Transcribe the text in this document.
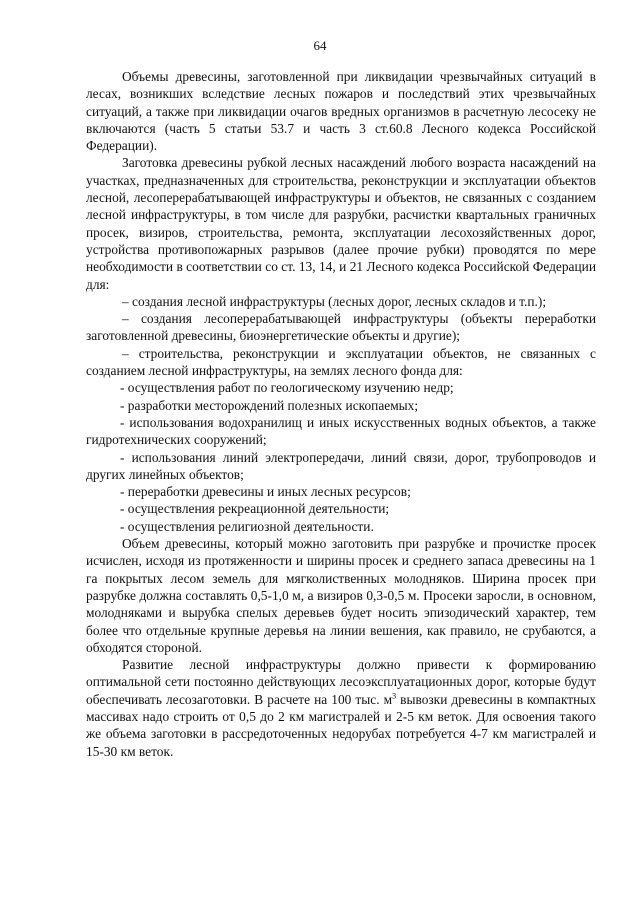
64

Объемы древесины, заготовленной при ликвидации чрезвычайных ситуаций в лесах, возникших вследствие лесных пожаров и последствий этих чрезвычайных ситуаций, а также при ликвидации очагов вредных организмов в расчетную лесосеку не включаются (часть 5 статьи 53.7 и часть 3 ст.60.8 Лесного кодекса Российской Федерации).

Заготовка древесины рубкой лесных насаждений любого возраста насаждений на участках, предназначенных для строительства, реконструкции и эксплуатации объектов лесной, лесоперерабатывающей инфраструктуры и объектов, не связанных с созданием лесной инфраструктуры, в том числе для разрубки, расчистки квартальных граничных просек, визиров, строительства, ремонта, эксплуатации лесохозяйственных дорог, устройства противопожарных разрывов (далее прочие рубки) проводятся по мере необходимости в соответствии со ст. 13, 14, и 21 Лесного кодекса Российской Федерации для:

– создания лесной инфраструктуры (лесных дорог, лесных складов и т.п.);

– создания лесоперерабатывающей инфраструктуры (объекты переработки заготовленной древесины, биоэнергетические объекты и другие);

– строительства, реконструкции и эксплуатации объектов, не связанных с созданием лесной инфраструктуры, на землях лесного фонда для:

- осуществления работ по геологическому изучению недр;

- разработки месторождений полезных ископаемых;

- использования водохранилищ и иных искусственных водных объектов, а также гидротехнических сооружений;

- использования линий электропередачи, линий связи, дорог, трубопроводов и других линейных объектов;

- переработки древесины и иных лесных ресурсов;

- осуществления рекреационной деятельности;

- осуществления религиозной деятельности.

Объем древесины, который можно заготовить при разрубке и прочистке просек исчислен, исходя из протяженности и ширины просек и среднего запаса древесины на 1 га покрытых лесом земель для мягколиственных молодняков. Ширина просек при разрубке должна составлять 0,5-1,0 м, а визиров 0,3-0,5 м. Просеки заросли, в основном, молодняками и вырубка спелых деревьев будет носить эпизодический характер, тем более что отдельные крупные деревья на линии вешения, как правило, не срубаются, а обходятся стороной.

Развитие лесной инфраструктуры должно привести к формированию оптимальной сети постоянно действующих лесоэксплуатационных дорог, которые будут обеспечивать лесозаготовки. В расчете на 100 тыс. $м^3$ вывозки древесины в компактных массивах надо строить от 0,5 до 2 км магистралей и 2-5 км веток. Для освоения такого же объема заготовки в рассредоточенных недорубах потребуется 4-7 км магистралей и 15-30 км веток.
